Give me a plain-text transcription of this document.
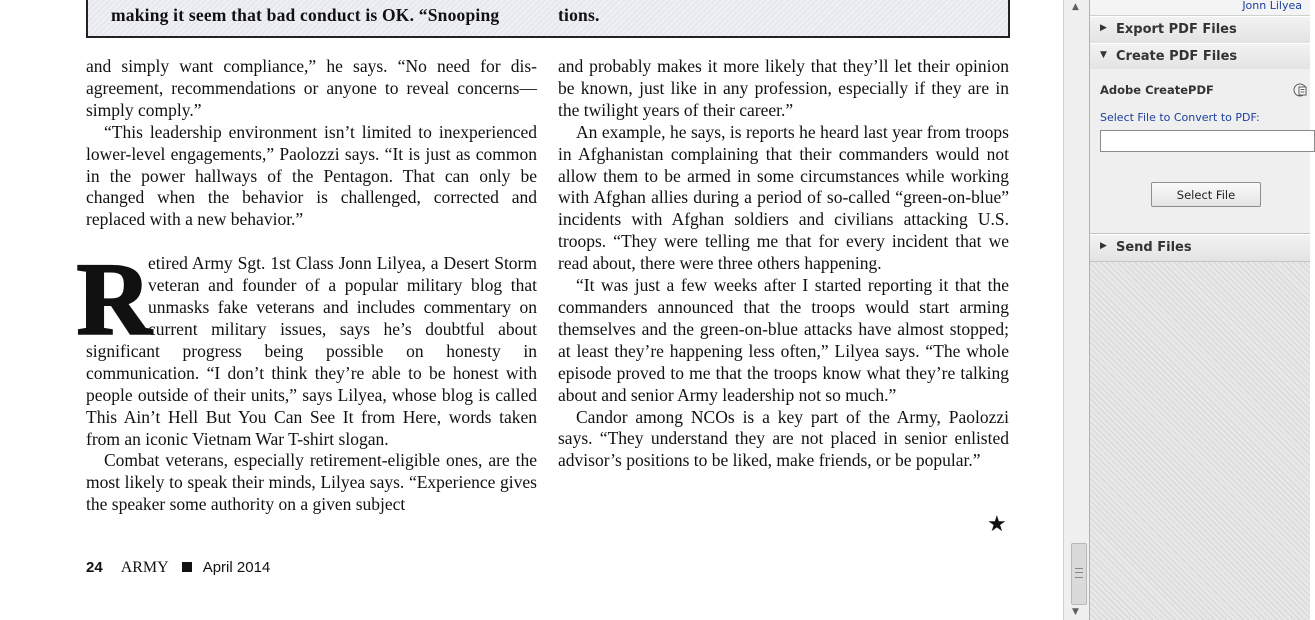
making it seem that bad conduct is OK. “Snooping	tions.

and simply want compliance,” he says. “No need for disagreement, recommendations or anyone to reveal concerns—simply comply.”

“This leadership environment isn’t limited to inexperienced lower-level engagements,” Paolozzi says. “It is just as common in the power hallways of the Pentagon. That can only be changed when the behavior is challenged, corrected and replaced with a new behavior.”

R
etired Army Sgt. 1st Class Jonn Lilyea, a Desert Storm veteran and founder of a popular military blog that unmasks fake veterans and includes commentary on current military issues, says he’s doubtful about significant progress being possible on honesty in communication. “I don’t think they’re able to be honest with people outside of their units,” says Lilyea, whose blog is called This Ain’t Hell But You Can See It from Here, words taken from an iconic Vietnam War T-shirt slogan.

Combat veterans, especially retirement-eligible ones, are the most likely to speak their minds, Lilyea says. “Experience gives the speaker some authority on a given subject

and probably makes it more likely that they’ll let their opinion be known, just like in any profession, especially if they are in the twilight years of their career.”

An example, he says, is reports he heard last year from troops in Afghanistan complaining that their commanders would not allow them to be armed in some circumstances while working with Afghan allies during a period of so-called “green-on-blue” incidents with Afghan soldiers and civilians attacking U.S. troops. “They were telling me that for every incident that we read about, there were three others happening.

“It was just a few weeks after I started reporting it that the commanders announced that the troops would start arming themselves and the green-on-blue attacks have almost stopped; at least they’re happening less often,” Lilyea says. “The whole episode proved to me that the troops know what they’re talking about and senior Army leadership not so much.”

Candor among NCOs is a key part of the Army, Paolozzi says. “They understand they are not placed in senior enlisted advisor’s positions to be liked, make friends, or be popular.”

★
24 ARMY April 2014
▲
▼
Jonn Lilyea
▶ Export PDF Files
▼ Create PDF Files
Adobe CreatePDF
Select File to Convert to PDF:
Select File
▶ Send Files
